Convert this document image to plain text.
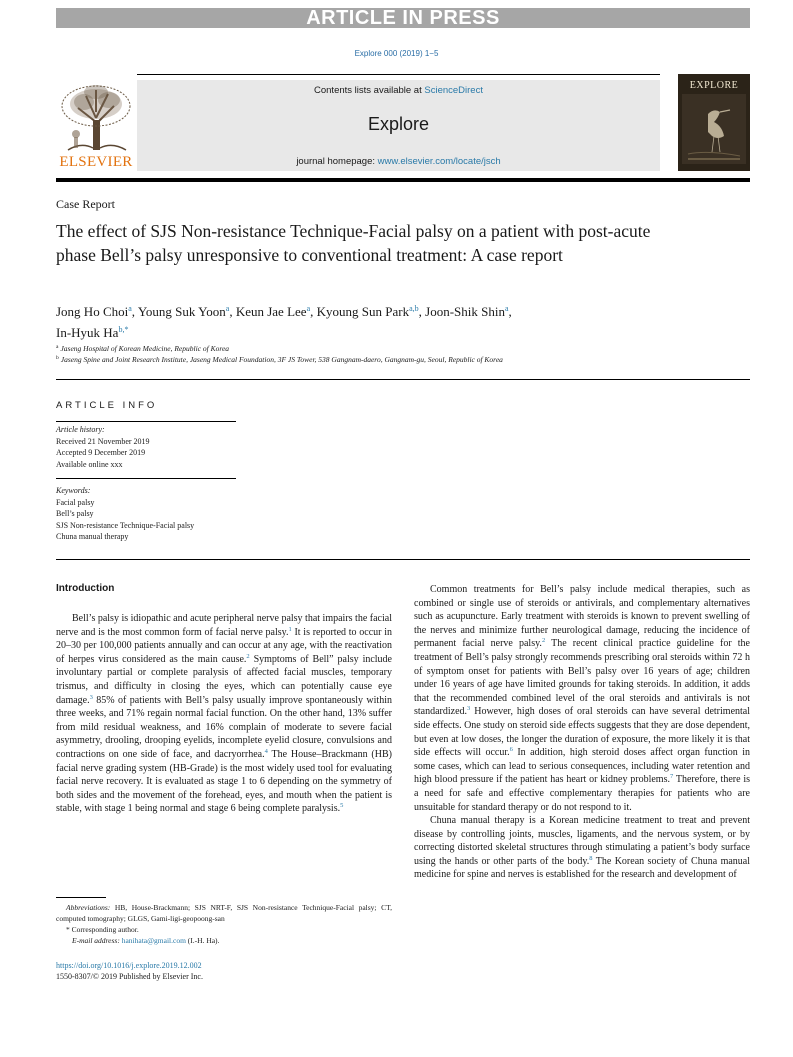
ARTICLE IN PRESS
Explore 000 (2019) 1−5
ELSEVIER
Contents lists available at ScienceDirect
Explore
journal homepage: www.elsevier.com/locate/jsch
EXPLORE
Case Report
The effect of SJS Non-resistance Technique-Facial palsy on a patient with post-acute phase Bell’s palsy unresponsive to conventional treatment: A case report
Jong Ho Choi$^a$, Young Suk Yoon$^a$, Keun Jae Lee$^a$, Kyoung Sun Park$^{a,b}$, Joon-Shik Shin$^a$,
In-Hyuk $Ha^{b,*}$
$^a$ Jaseng Hospital of Korean Medicine, Republic of Korea
$^b$ Jaseng Spine and Joint Research Institute, Jaseng Medical Foundation, 3F JS Tower, 538 Gangnam-daero, Gangnam-gu, Seoul, Republic of Korea
ARTICLE INFO
Article history:
Received 21 November 2019
Accepted 9 December 2019
Available online xxx
Keywords:
Facial palsy
Bell’s palsy
SJS Non-resistance Technique-Facial palsy
Chuna manual therapy
Introduction

Bell’s palsy is idiopathic and acute peripheral nerve palsy that impairs the facial nerve and is the most common form of facial nerve palsy.$^1$ It is reported to occur in 20–30 per 100,000 patients annually and can occur at any age, with the reactivation of herpes virus considered as the main cause.$^2$ Symptoms of Bell” palsy include involuntary partial or complete paralysis of affected facial muscles, temporary trismus, and difficulty in closing the eyes, which can potentially cause eye damage.$^3$ 85% of patients with Bell’s palsy usually improve spontaneously within three weeks, and 71% regain normal facial function. On the other hand, 13% suffer from mild residual weakness, and 16% complain of moderate to severe facial asymmetry, drooling, drooping eyelids, incomplete eyelid closure, convulsions and contractions on one side of face, and dacryorrhea.$^4$ The House–Brackmann (HB) facial nerve grading system (HB-Grade) is the most widely used tool for evaluating facial nerve recovery. It is evaluated as stage 1 to 6 depending on the symmetry of both sides and the movement of the forehead, eyes, and mouth when the patient is stable, with stage 1 being normal and stage 6 being complete paralysis.$^5$

Common treatments for Bell’s palsy include medical therapies, such as combined or single use of steroids or antivirals, and complementary alternatives such as acupuncture. Early treatment with steroids is known to prevent swelling of the nerves and minimize further neurological damage, reducing the incidence of permanent facial nerve palsy.$^2$ The recent clinical practice guideline for the treatment of Bell’s palsy strongly recommends prescribing oral steroids within 72 h of symptom onset for patients with Bell’s palsy over 16 years of age; children under 16 years of age have limited grounds for taking steroids. In addition, it adds that the recommended combined level of the oral steroids and antivirals is not standardized.$^3$ However, high doses of oral steroids can have several detrimental side effects. One study on steroid side effects suggests that they are dose dependent, but even at low doses, the longer the duration of exposure, the more likely it is that side effects will occur.$^6$ In addition, high steroid doses affect organ function in some cases, which can lead to serious consequences, including water retention and high blood pressure if the patient has heart or kidney problems.$^7$ Therefore, there is a need for safe and effective complementary therapies for patients who are unsuitable for standard therapy or do not respond to it.

Chuna manual therapy is a Korean medicine treatment to treat and prevent disease by controlling joints, muscles, ligaments, and the nervous system, or by correcting distorted skeletal structures through stimulating a patient’s body surface using the hands or other parts of the body.$^8$ The Korean society of Chuna manual medicine for spine and nerves is established for the research and development of

Abbreviations: HB, House-Brackmann; SJS NRT-F, SJS Non-resistance Technique-Facial palsy; CT, computed tomography; GLGS, Gami-ligi-geopoong-san
* Corresponding author.
E-mail address: hanihata@gmail.com (I.-H. Ha).
https://doi.org/10.1016/j.explore.2019.12.002
1550-8307/© 2019 Published by Elsevier Inc.
